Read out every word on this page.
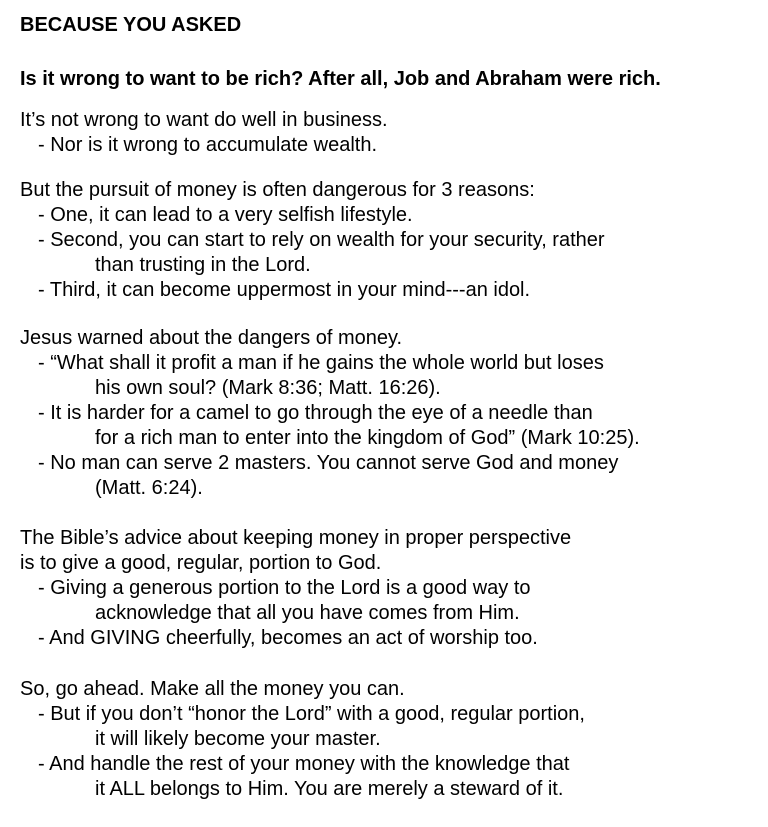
BECAUSE YOU ASKED
Is it wrong to want to be rich? After all, Job and Abraham were rich.
It’s not wrong to want do well in business.
- Nor is it wrong to accumulate wealth.
But the pursuit of money is often dangerous for 3 reasons:
- One, it can lead to a very selfish lifestyle.
- Second, you can start to rely on wealth for your security, rather
than trusting in the Lord.
- Third, it can become uppermost in your mind---an idol.
Jesus warned about the dangers of money.
- “What shall it profit a man if he gains the whole world but loses
his own soul? (Mark 8:36; Matt. 16:26).
- It is harder for a camel to go through the eye of a needle than
for a rich man to enter into the kingdom of God” (Mark 10:25).
- No man can serve 2 masters. You cannot serve God and money
(Matt. 6:24).
The Bible’s advice about keeping money in proper perspective
is to give a good, regular, portion to God.
- Giving a generous portion to the Lord is a good way to
acknowledge that all you have comes from Him.
- And GIVING cheerfully, becomes an act of worship too.
So, go ahead. Make all the money you can.
- But if you don’t “honor the Lord” with a good, regular portion,
it will likely become your master.
- And handle the rest of your money with the knowledge that
it ALL belongs to Him. You are merely a steward of it.
